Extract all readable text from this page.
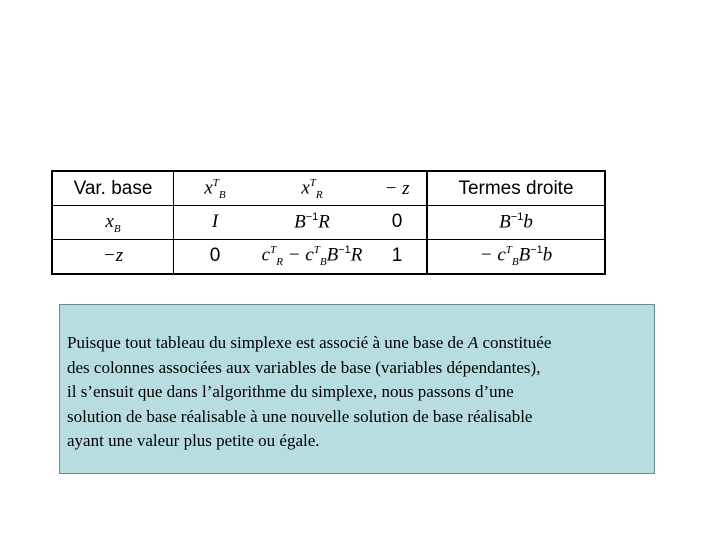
Var. base	$x^T_B$	$x^T_R$	− z	Termes droite
$x_B$	I	$B^{-1}R$	0	$B^{-1}b$
−z	0	$c^T_R - c^T_BB^{-1}R$	1	− $c^T_BB^{-1}b$

Puisque tout tableau du simplexe est associé à une base de A constituée

des colonnes associées aux variables de base (variables dépendantes),

il s’ensuit que dans l’algorithme du simplexe, nous passons d’une

solution de base réalisable à une nouvelle solution de base réalisable

ayant une valeur plus petite ou égale.
